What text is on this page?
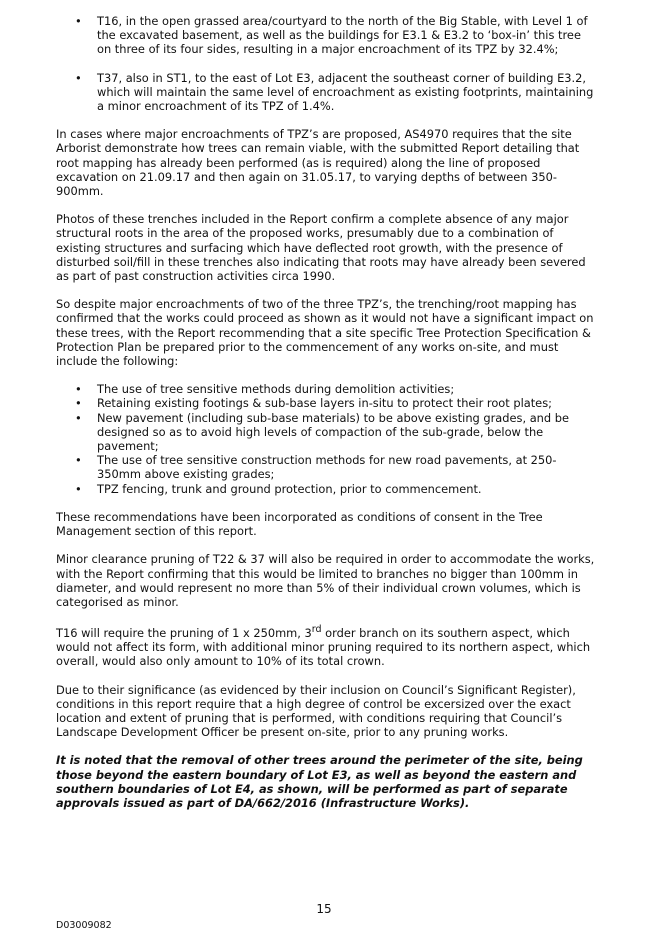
• T16, in the open grassed area/courtyard to the north of the Big Stable, with Level 1 of the excavated basement, as well as the buildings for E3.1 & E3.2 to ‘box-in’ this tree on three of its four sides, resulting in a major encroachment of its TPZ by 32.4%;
• T37, also in ST1, to the east of Lot E3, adjacent the southeast corner of building E3.2, which will maintain the same level of encroachment as existing footprints, maintaining a minor encroachment of its TPZ of 1.4%.

In cases where major encroachments of TPZ’s are proposed, AS4970 requires that the site Arborist demonstrate how trees can remain viable, with the submitted Report detailing that root mapping has already been performed (as is required) along the line of proposed excavation on 21.09.17 and then again on 31.05.17, to varying depths of between 350-900mm.

Photos of these trenches included in the Report confirm a complete absence of any major structural roots in the area of the proposed works, presumably due to a combination of existing structures and surfacing which have deflected root growth, with the presence of disturbed soil/fill in these trenches also indicating that roots may have already been severed as part of past construction activities circa 1990.

So despite major encroachments of two of the three TPZ’s, the trenching/root mapping has confirmed that the works could proceed as shown as it would not have a significant impact on these trees, with the Report recommending that a site specific Tree Protection Specification & Protection Plan be prepared prior to the commencement of any works on-site, and must include the following:

• The use of tree sensitive methods during demolition activities;
• Retaining existing footings & sub-base layers in-situ to protect their root plates;
• New pavement (including sub-base materials) to be above existing grades, and be designed so as to avoid high levels of compaction of the sub-grade, below the pavement;
• The use of tree sensitive construction methods for new road pavements, at 250-350mm above existing grades;
• TPZ fencing, trunk and ground protection, prior to commencement.

These recommendations have been incorporated as conditions of consent in the Tree Management section of this report.

Minor clearance pruning of T22 & 37 will also be required in order to accommodate the works, with the Report confirming that this would be limited to branches no bigger than 100mm in diameter, and would represent no more than 5% of their individual crown volumes, which is categorised as minor.

T16 will require the pruning of 1 x 250mm, 3rd order branch on its southern aspect, which would not affect its form, with additional minor pruning required to its northern aspect, which overall, would also only amount to 10% of its total crown.

Due to their significance (as evidenced by their inclusion on Council’s Significant Register), conditions in this report require that a high degree of control be excersized over the exact location and extent of pruning that is performed, with conditions requiring that Council’s Landscape Development Officer be present on-site, prior to any pruning works.

It is noted that the removal of other trees around the perimeter of the site, being those beyond the eastern boundary of Lot E3, as well as beyond the eastern and southern boundaries of Lot E4, as shown, will be performed as part of separate approvals issued as part of DA/662/2016 (Infrastructure Works).

15
D03009082
